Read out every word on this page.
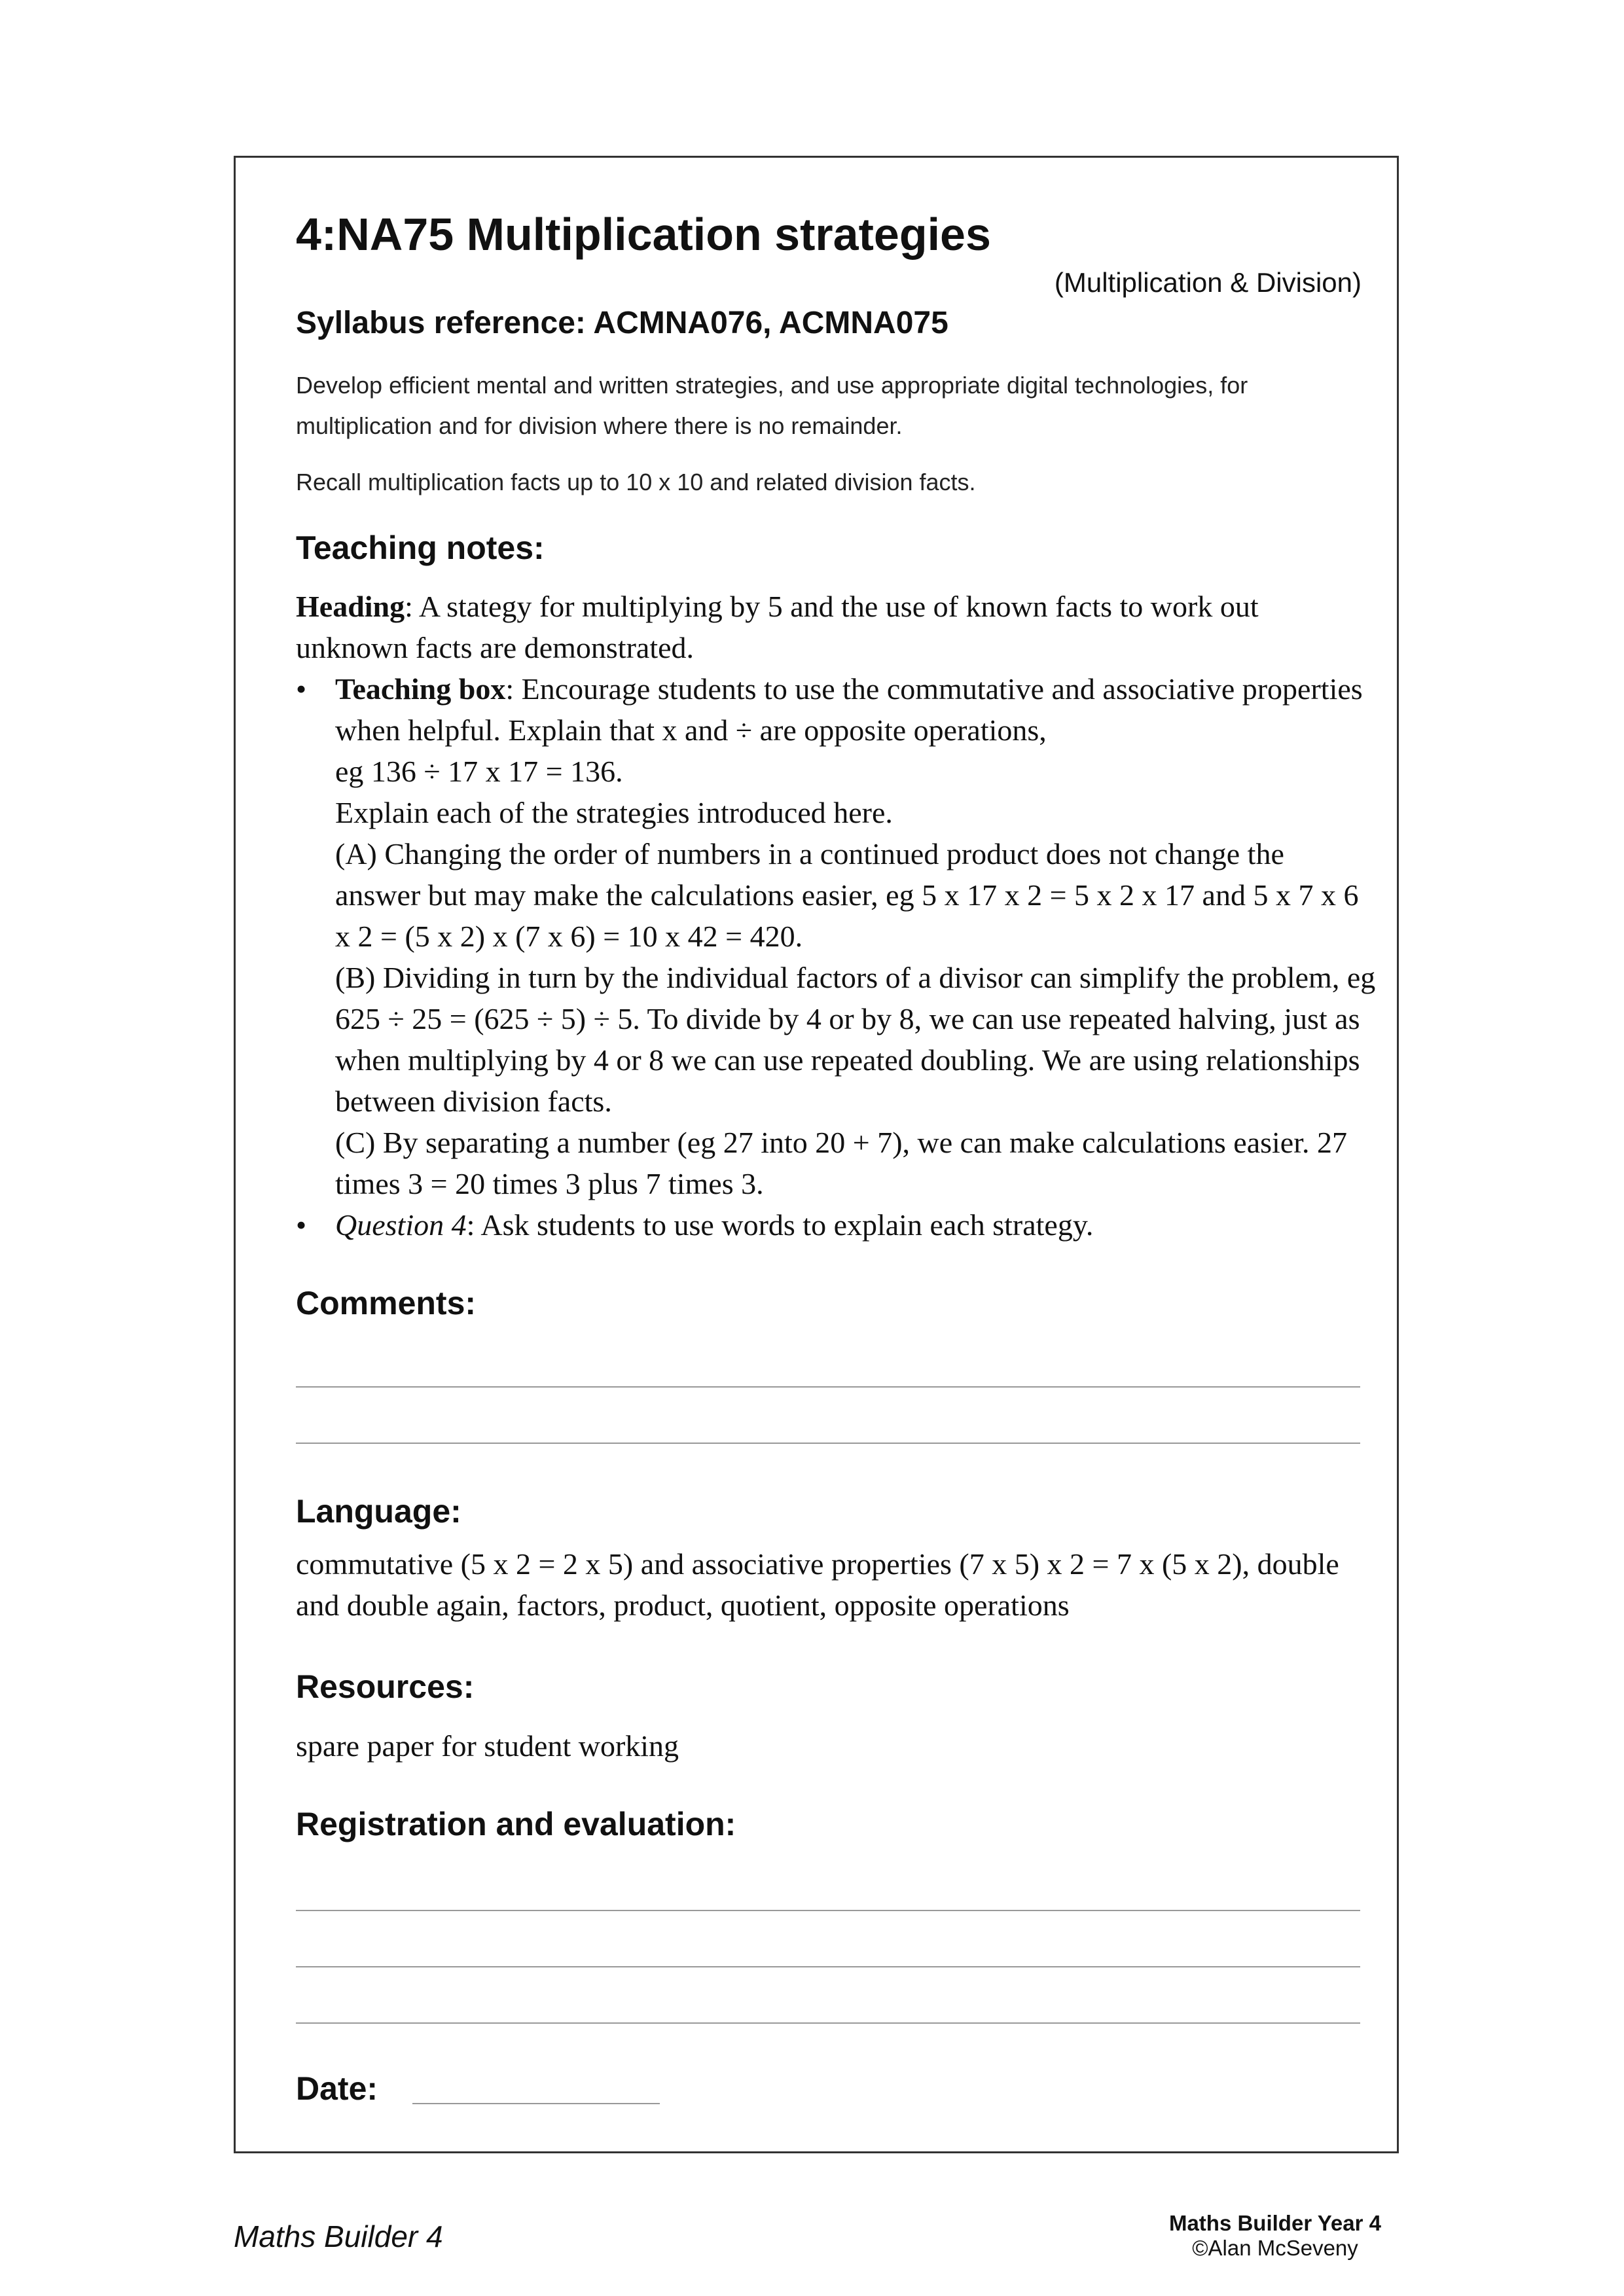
4:NA75 Multiplication strategies
(Multiplication & Division)
Syllabus reference: ACMNA076, ACMNA075
Develop efficient mental and written strategies, and use appropriate digital technologies, for multiplication and for division where there is no remainder.
Recall multiplication facts up to 10 x 10 and related division facts.
Teaching notes:

Heading: A stategy for multiplying by 5 and the use of known facts to work out unknown facts are demonstrated.

• Teaching box: Encourage students to use the commutative and associative properties when helpful. Explain that x and ÷ are opposite operations,

eg 136 ÷ 17 x 17 = 136.

Explain each of the strategies introduced here.

(A) Changing the order of numbers in a continued product does not change the answer but may make the calculations easier, eg 5 x 17 x 2 = 5 x 2 x 17 and 5 x 7 x 6 x 2 = (5 x 2) x (7 x 6) = 10 x 42 = 420.

(B) Dividing in turn by the individual factors of a divisor can simplify the problem, eg 625 ÷ 25 = (625 ÷ 5) ÷ 5. To divide by 4 or by 8, we can use repeated halving, just as when multiplying by 4 or 8 we can use repeated doubling. We are using relationships between division facts.

(C) By separating a number (eg 27 into 20 + 7), we can make calculations easier. 27 times 3 = 20 times 3 plus 7 times 3.

• Question 4: Ask students to use words to explain each strategy.

Comments:
Language:
commutative (5 x 2 = 2 x 5) and associative properties (7 x 5) x 2 = 7 x (5 x 2), double and double again, factors, product, quotient, opposite operations
Resources:
spare paper for student working
Registration and evaluation:
Date:
Maths Builder 4	Maths Builder Year 4
©Alan McSeveny
